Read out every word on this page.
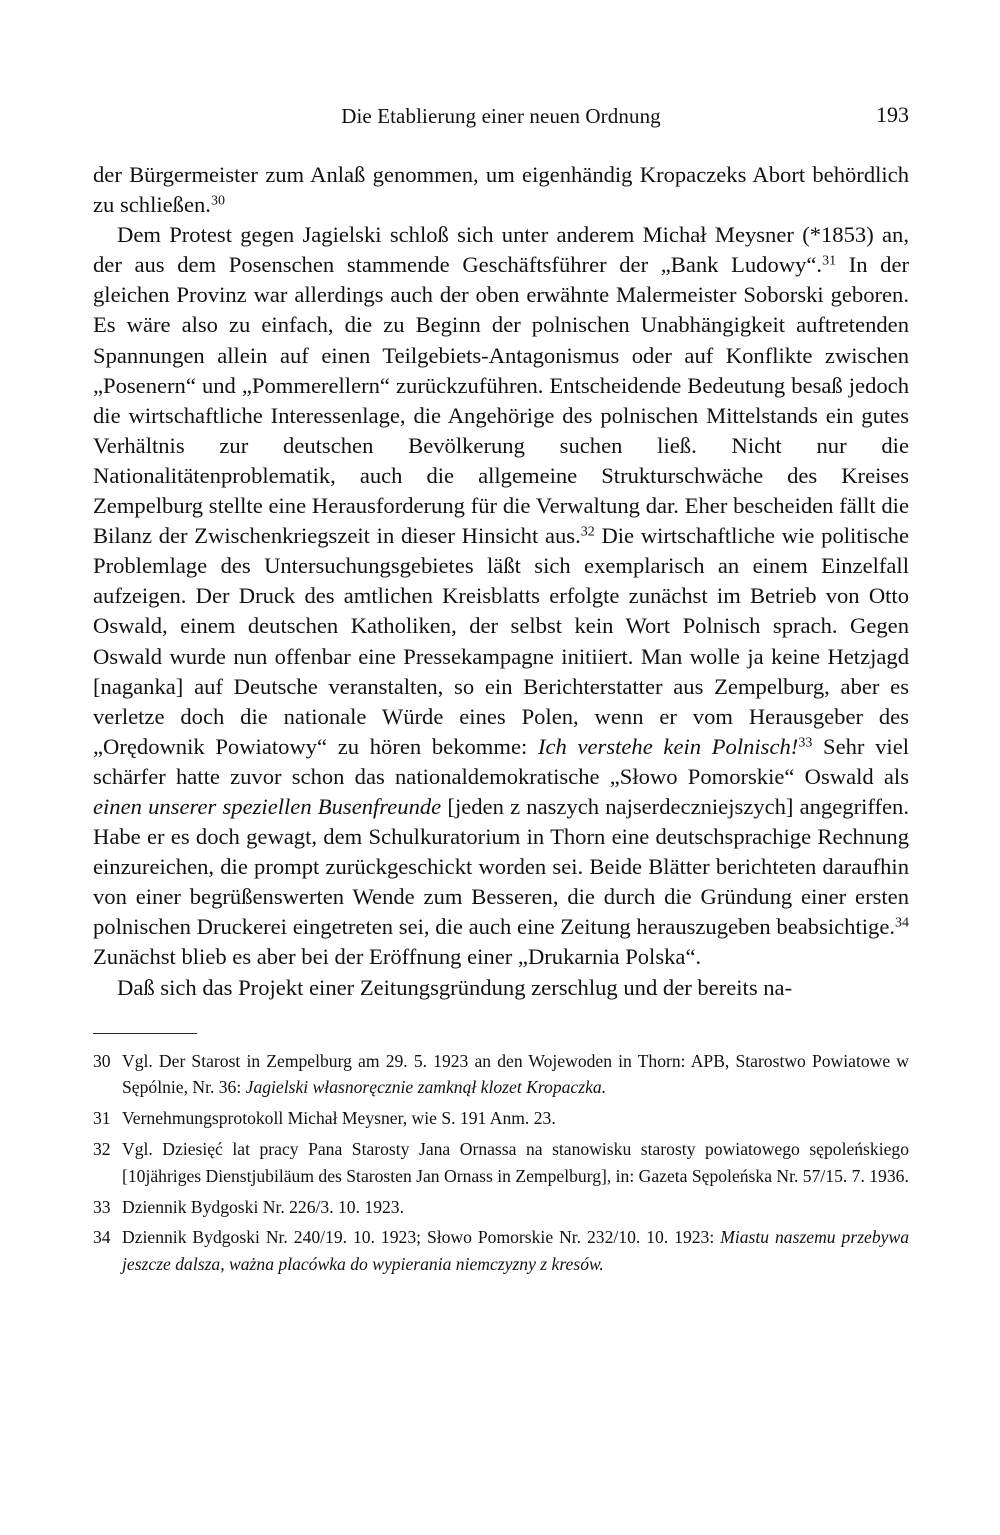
Die Etablierung einer neuen Ordnung	193

der Bürgermeister zum Anlaß genommen, um eigenhändig Kropaczeks Abort behördlich zu schließen.$^{30}$

Dem Protest gegen Jagielski schloß sich unter anderem Michał Meysner (*1853) an, der aus dem Posenschen stammende Geschäftsführer der „Bank Ludowy“.$^{31}$ In der gleichen Provinz war allerdings auch der oben erwähnte Malermeister Soborski geboren. Es wäre also zu einfach, die zu Beginn der polnischen Unabhängigkeit auftretenden Spannungen allein auf einen Teilgebiets-Antagonismus oder auf Konflikte zwischen „Posenern“ und „Pommerellern“ zurückzuführen. Entscheidende Bedeutung besaß jedoch die wirtschaftliche Interessenlage, die Angehörige des polnischen Mittelstands ein gutes Verhältnis zur deutschen Bevölkerung suchen ließ. Nicht nur die Nationalitätenproblematik, auch die allgemeine Strukturschwäche des Kreises Zempelburg stellte eine Herausforderung für die Verwaltung dar. Eher bescheiden fällt die Bilanz der Zwischenkriegszeit in dieser Hinsicht aus.$^{32}$ Die wirtschaftliche wie politische Problemlage des Untersuchungsgebietes läßt sich exemplarisch an einem Einzelfall aufzeigen. Der Druck des amtlichen Kreisblatts erfolgte zunächst im Betrieb von Otto Oswald, einem deutschen Katholiken, der selbst kein Wort Polnisch sprach. Gegen Oswald wurde nun offenbar eine Pressekampagne initiiert. Man wolle ja keine Hetzjagd [naganka] auf Deutsche veranstalten, so ein Berichterstatter aus Zempelburg, aber es verletze doch die nationale Würde eines Polen, wenn er vom Herausgeber des „Orędownik Powiatowy“ zu hören bekomme: Ich verstehe kein Polnisch!$^{33}$ Sehr viel schärfer hatte zuvor schon das nationaldemokratische „Słowo Pomorskie“ Oswald als einen unserer speziellen Busenfreunde [jeden z naszych najserdeczniejszych] angegriffen. Habe er es doch gewagt, dem Schulkuratorium in Thorn eine deutschsprachige Rechnung einzureichen, die prompt zurückgeschickt worden sei. Beide Blätter berichteten daraufhin von einer begrüßenswerten Wende zum Besseren, die durch die Gründung einer ersten polnischen Druckerei eingetreten sei, die auch eine Zeitung herauszugeben beabsichtige.$^{34}$ Zunächst blieb es aber bei der Eröffnung einer „Drukarnia Polska“.

Daß sich das Projekt einer Zeitungsgründung zerschlug und der bereits na-

30 Vgl. Der Starost in Zempelburg am 29. 5. 1923 an den Wojewoden in Thorn: APB, Starostwo Powiatowe w Sępólnie, Nr. 36: Jagielski własnoręcznie zamknął klozet Kropaczka.
31 Vernehmungsprotokoll Michał Meysner, wie S. 191 Anm. 23.
32 Vgl. Dziesięć lat pracy Pana Starosty Jana Ornassa na stanowisku starosty powiatowego sępoleńskiego [10jähriges Dienstjubiläum des Starosten Jan Ornass in Zempelburg], in: Gazeta Sępoleńska Nr. 57/15. 7. 1936.
33 Dziennik Bydgoski Nr. 226/3. 10. 1923.
34 Dziennik Bydgoski Nr. 240/19. 10. 1923; Słowo Pomorskie Nr. 232/10. 10. 1923: Miastu naszemu przebywa jeszcze dalsza, ważna placówka do wypierania niemczyzny z kresów.
